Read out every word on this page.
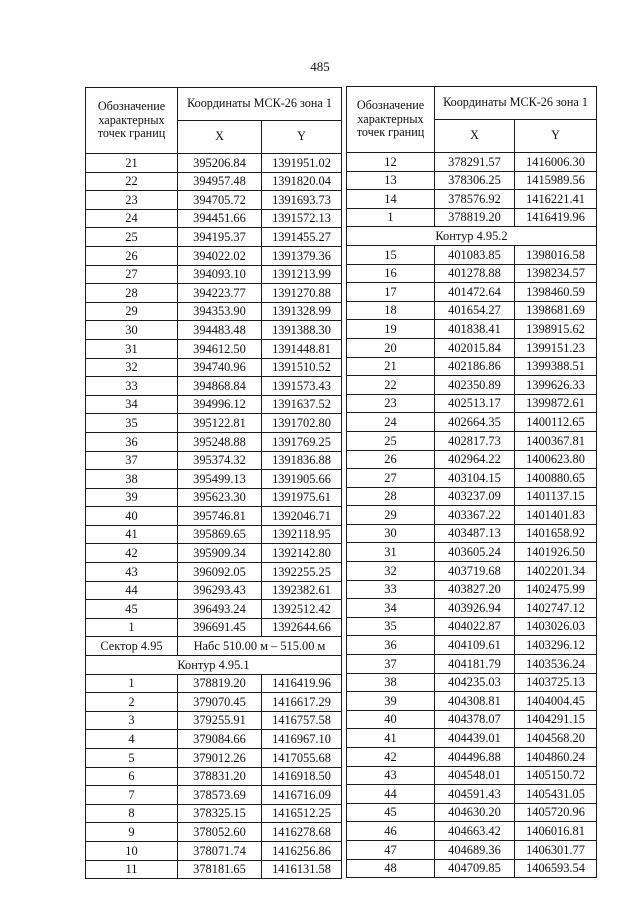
485
Обозначение характерных точек границ	Координаты МСК-26 зона 1	
	X	Y
21	395206.84	1391951.02
22	394957.48	1391820.04
23	394705.72	1391693.73
24	394451.66	1391572.13
25	394195.37	1391455.27
26	394022.02	1391379.36
27	394093.10	1391213.99
28	394223.77	1391270.88
29	394353.90	1391328.99
30	394483.48	1391388.30
31	394612.50	1391448.81
32	394740.96	1391510.52
33	394868.84	1391573.43
34	394996.12	1391637.52
35	395122.81	1391702.80
36	395248.88	1391769.25
37	395374.32	1391836.88
38	395499.13	1391905.66
39	395623.30	1391975.61
40	395746.81	1392046.71
41	395869.65	1392118.95
42	395909.34	1392142.80
43	396092.05	1392255.25
44	396293.43	1392382.61
45	396493.24	1392512.42
1	396691.45	1392644.66
Сектор 4.95	Набс 510.00 м – 515.00 м	
Контур 4.95.1		
1	378819.20	1416419.96
2	379070.45	1416617.29
3	379255.91	1416757.58
4	379084.66	1416967.10
5	379012.26	1417055.68
6	378831.20	1416918.50
7	378573.69	1416716.09
8	378325.15	1416512.25
9	378052.60	1416278.68
10	378071.74	1416256.86
11	378181.65	1416131.58
Обозначение характерных точек границ	Координаты МСК-26 зона 1	
	X	Y
12	378291.57	1416006.30
13	378306.25	1415989.56
14	378576.92	1416221.41
1	378819.20	1416419.96
Контур 4.95.2		
15	401083.85	1398016.58
16	401278.88	1398234.57
17	401472.64	1398460.59
18	401654.27	1398681.69
19	401838.41	1398915.62
20	402015.84	1399151.23
21	402186.86	1399388.51
22	402350.89	1399626.33
23	402513.17	1399872.61
24	402664.35	1400112.65
25	402817.73	1400367.81
26	402964.22	1400623.80
27	403104.15	1400880.65
28	403237.09	1401137.15
29	403367.22	1401401.83
30	403487.13	1401658.92
31	403605.24	1401926.50
32	403719.68	1402201.34
33	403827.20	1402475.99
34	403926.94	1402747.12
35	404022.87	1403026.03
36	404109.61	1403296.12
37	404181.79	1403536.24
38	404235.03	1403725.13
39	404308.81	1404004.45
40	404378.07	1404291.15
41	404439.01	1404568.20
42	404496.88	1404860.24
43	404548.01	1405150.72
44	404591.43	1405431.05
45	404630.20	1405720.96
46	404663.42	1406016.81
47	404689.36	1406301.77
48	404709.85	1406593.54
